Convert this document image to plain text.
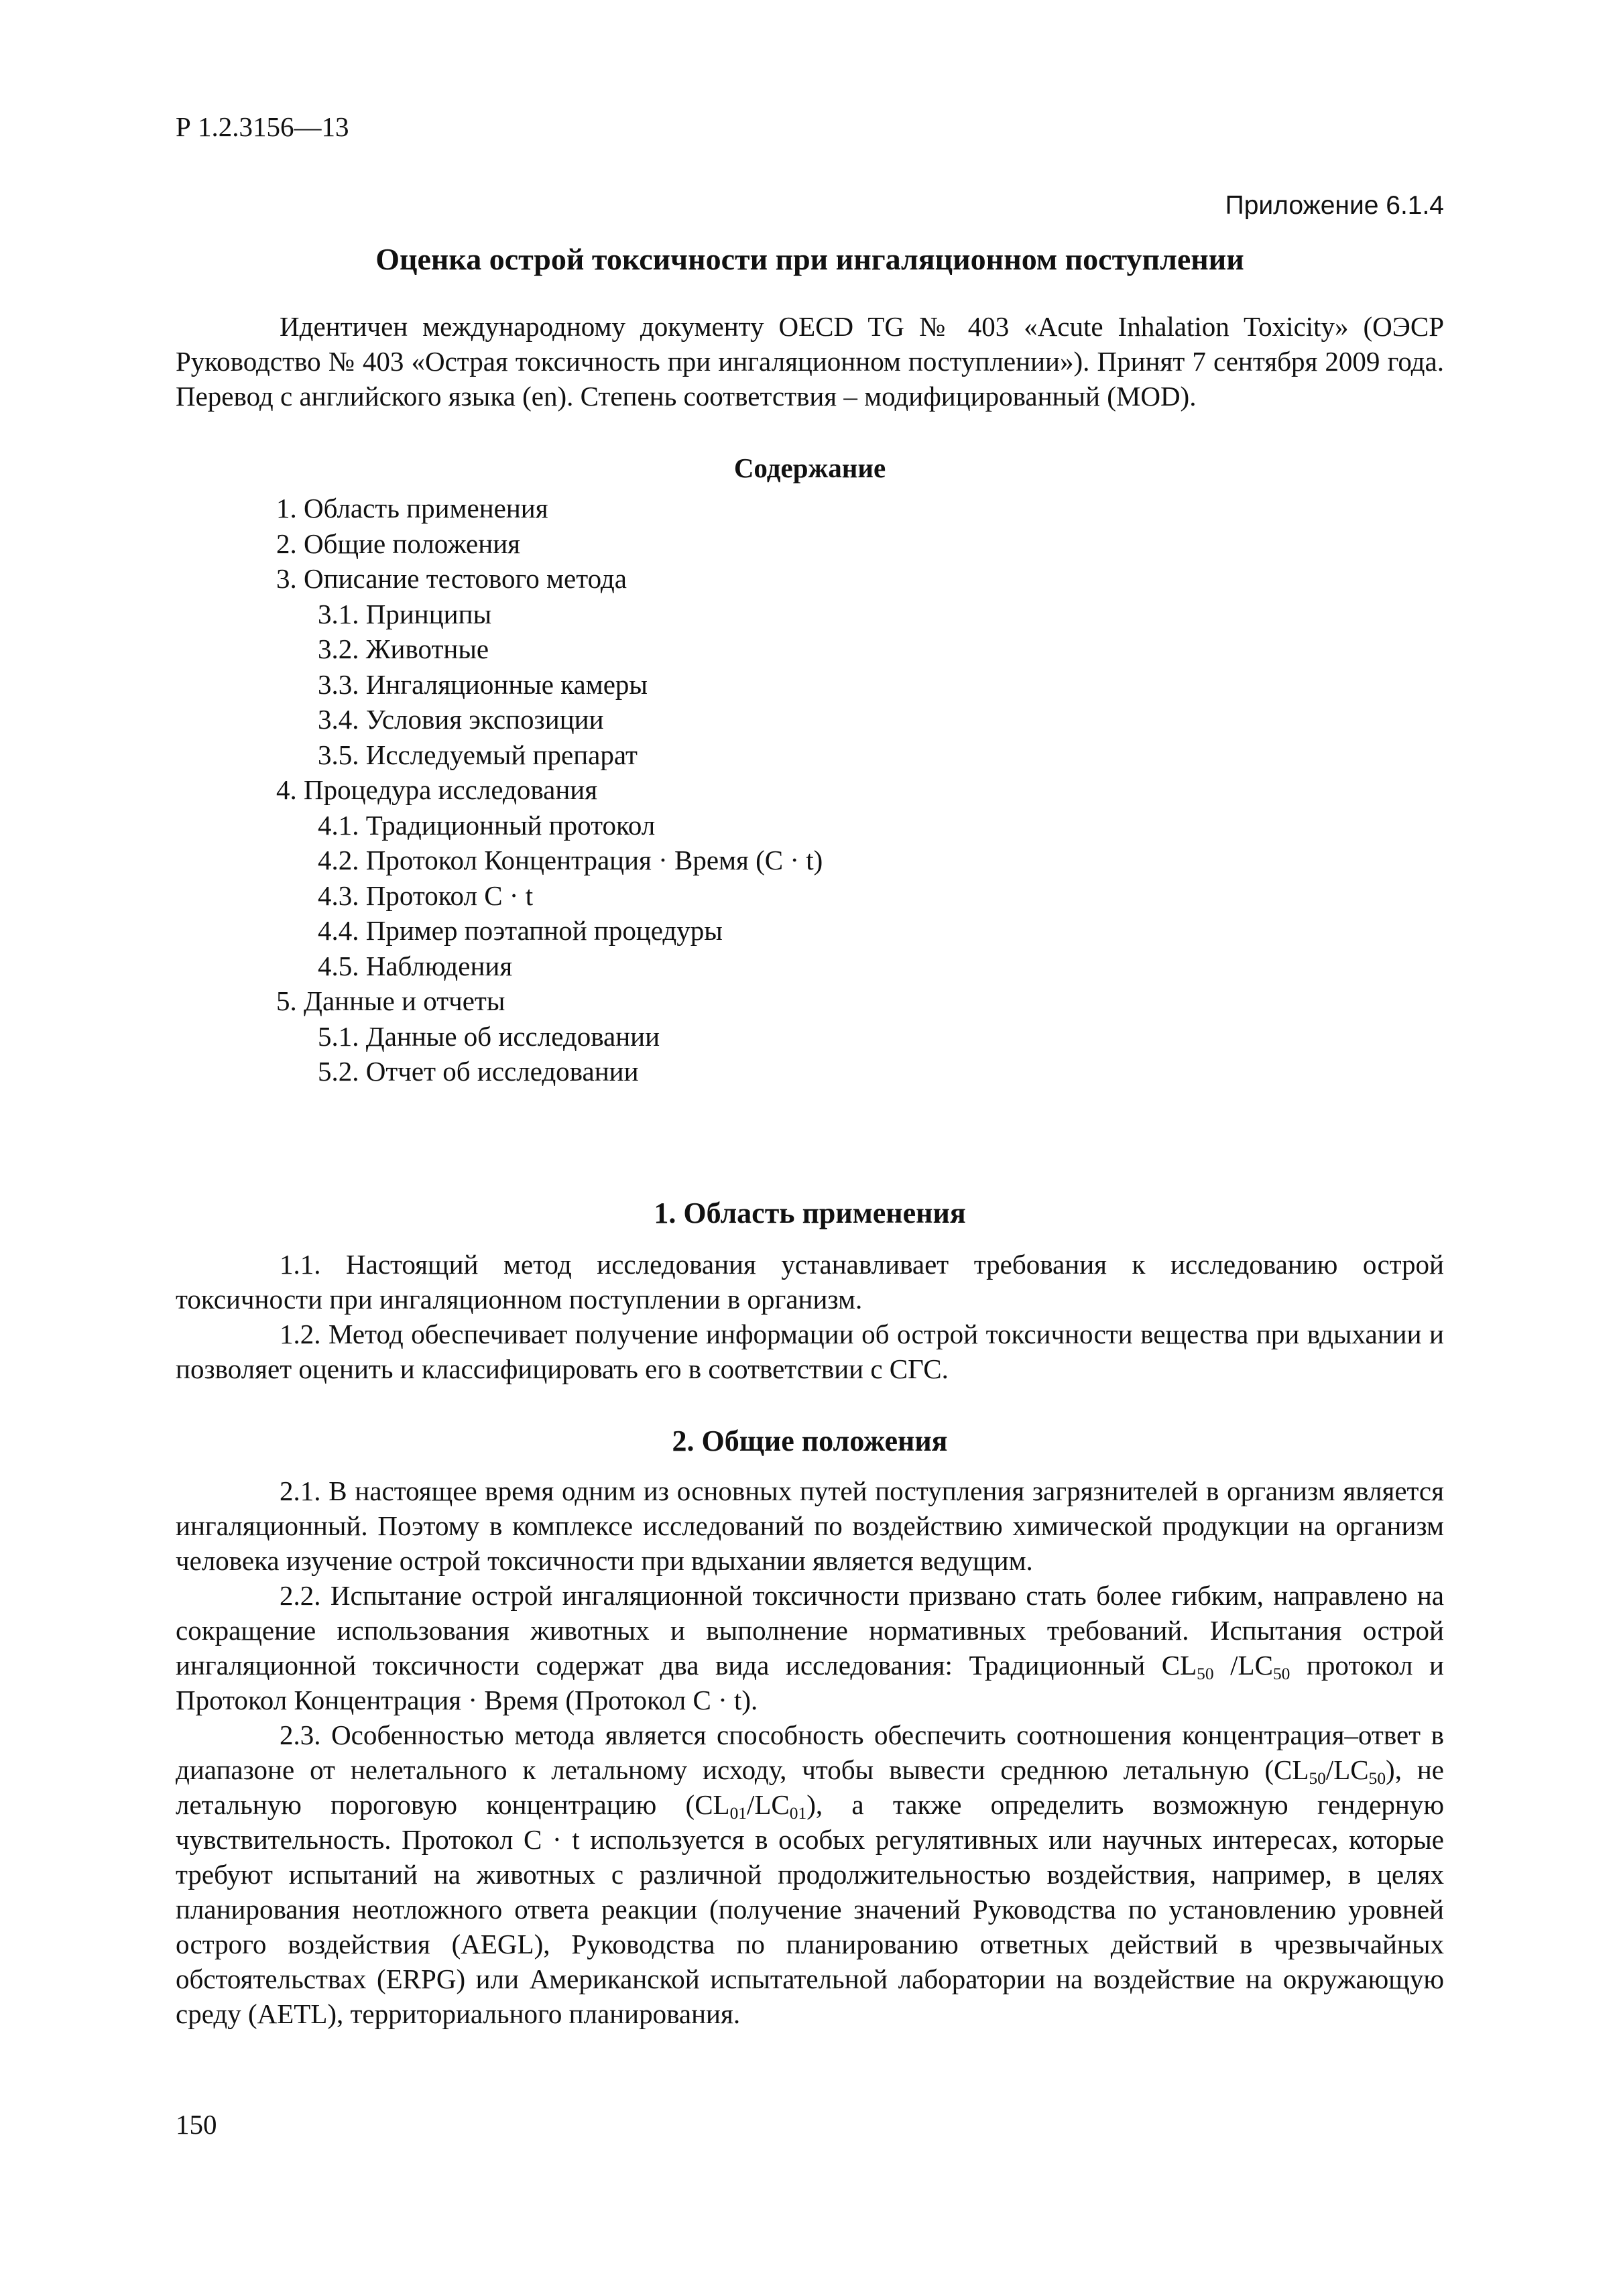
Р 1.2.3156—13
Приложение 6.1.4
Оценка острой токсичности при ингаляционном поступлении

Идентичен международному документу OECD TG № 403 «Acute Inhalation Toxicity» (ОЭСР Руководство № 403 «Острая токсичность при ингаляционном поступлении»). Принят 7 сентября 2009 года. Перевод с английского языка (en). Степень соответствия – модифицированный (MOD).

Содержание
1. Область применения
2. Общие положения
3. Описание тестового метода
3.1. Принципы
3.2. Животные
3.3. Ингаляционные камеры
3.4. Условия экспозиции
3.5. Исследуемый препарат
4. Процедура исследования
4.1. Традиционный протокол
4.2. Протокол Концентрация · Время (C · t)
4.3. Протокол C · t
4.4. Пример поэтапной процедуры
4.5. Наблюдения
5. Данные и отчеты
5.1. Данные об исследовании
5.2. Отчет об исследовании
1. Область применения

1.1. Настоящий метод исследования устанавливает требования к исследованию острой токсичности при ингаляционном поступлении в организм.

1.2. Метод обеспечивает получение информации об острой токсичности вещества при вдыхании и позволяет оценить и классифицировать его в соответствии с СГС.

2. Общие положения

2.1. В настоящее время одним из основных путей поступления загрязнителей в организм является ингаляционный. Поэтому в комплексе исследований по воздействию химической продукции на организм человека изучение острой токсичности при вдыхании является ведущим.

2.2. Испытание острой ингаляционной токсичности призвано стать более гибким, направлено на сокращение использования животных и выполнение нормативных требований. Испытания острой ингаляционной токсичности содержат два вида исследования: Традиционный $CL_{50}$ $/LC_{50}$ протокол и Протокол Концентрация · Время (Протокол C · t).

2.3. Особенностью метода является способность обеспечить соотношения концентрация–ответ в диапазоне от нелетального к летальному исходу, чтобы вывести среднюю летальную $(CL_{50}/LC_{50})$, не летальную пороговую концентрацию $(CL_{01}/LC_{01})$, а также определить возможную гендерную чувствительность. Протокол C · t используется в особых регулятивных или научных интересах, которые требуют испытаний на животных с различной продолжительностью воздействия, например, в целях планирования неотложного ответа реакции (получение значений Руководства по установлению уровней острого воздействия (AEGL), Руководства по планированию ответных действий в чрезвычайных обстоятельствах (ERPG) или Американской испытательной лаборатории на воздействие на окружающую среду (AETL), территориального планирования.

150
